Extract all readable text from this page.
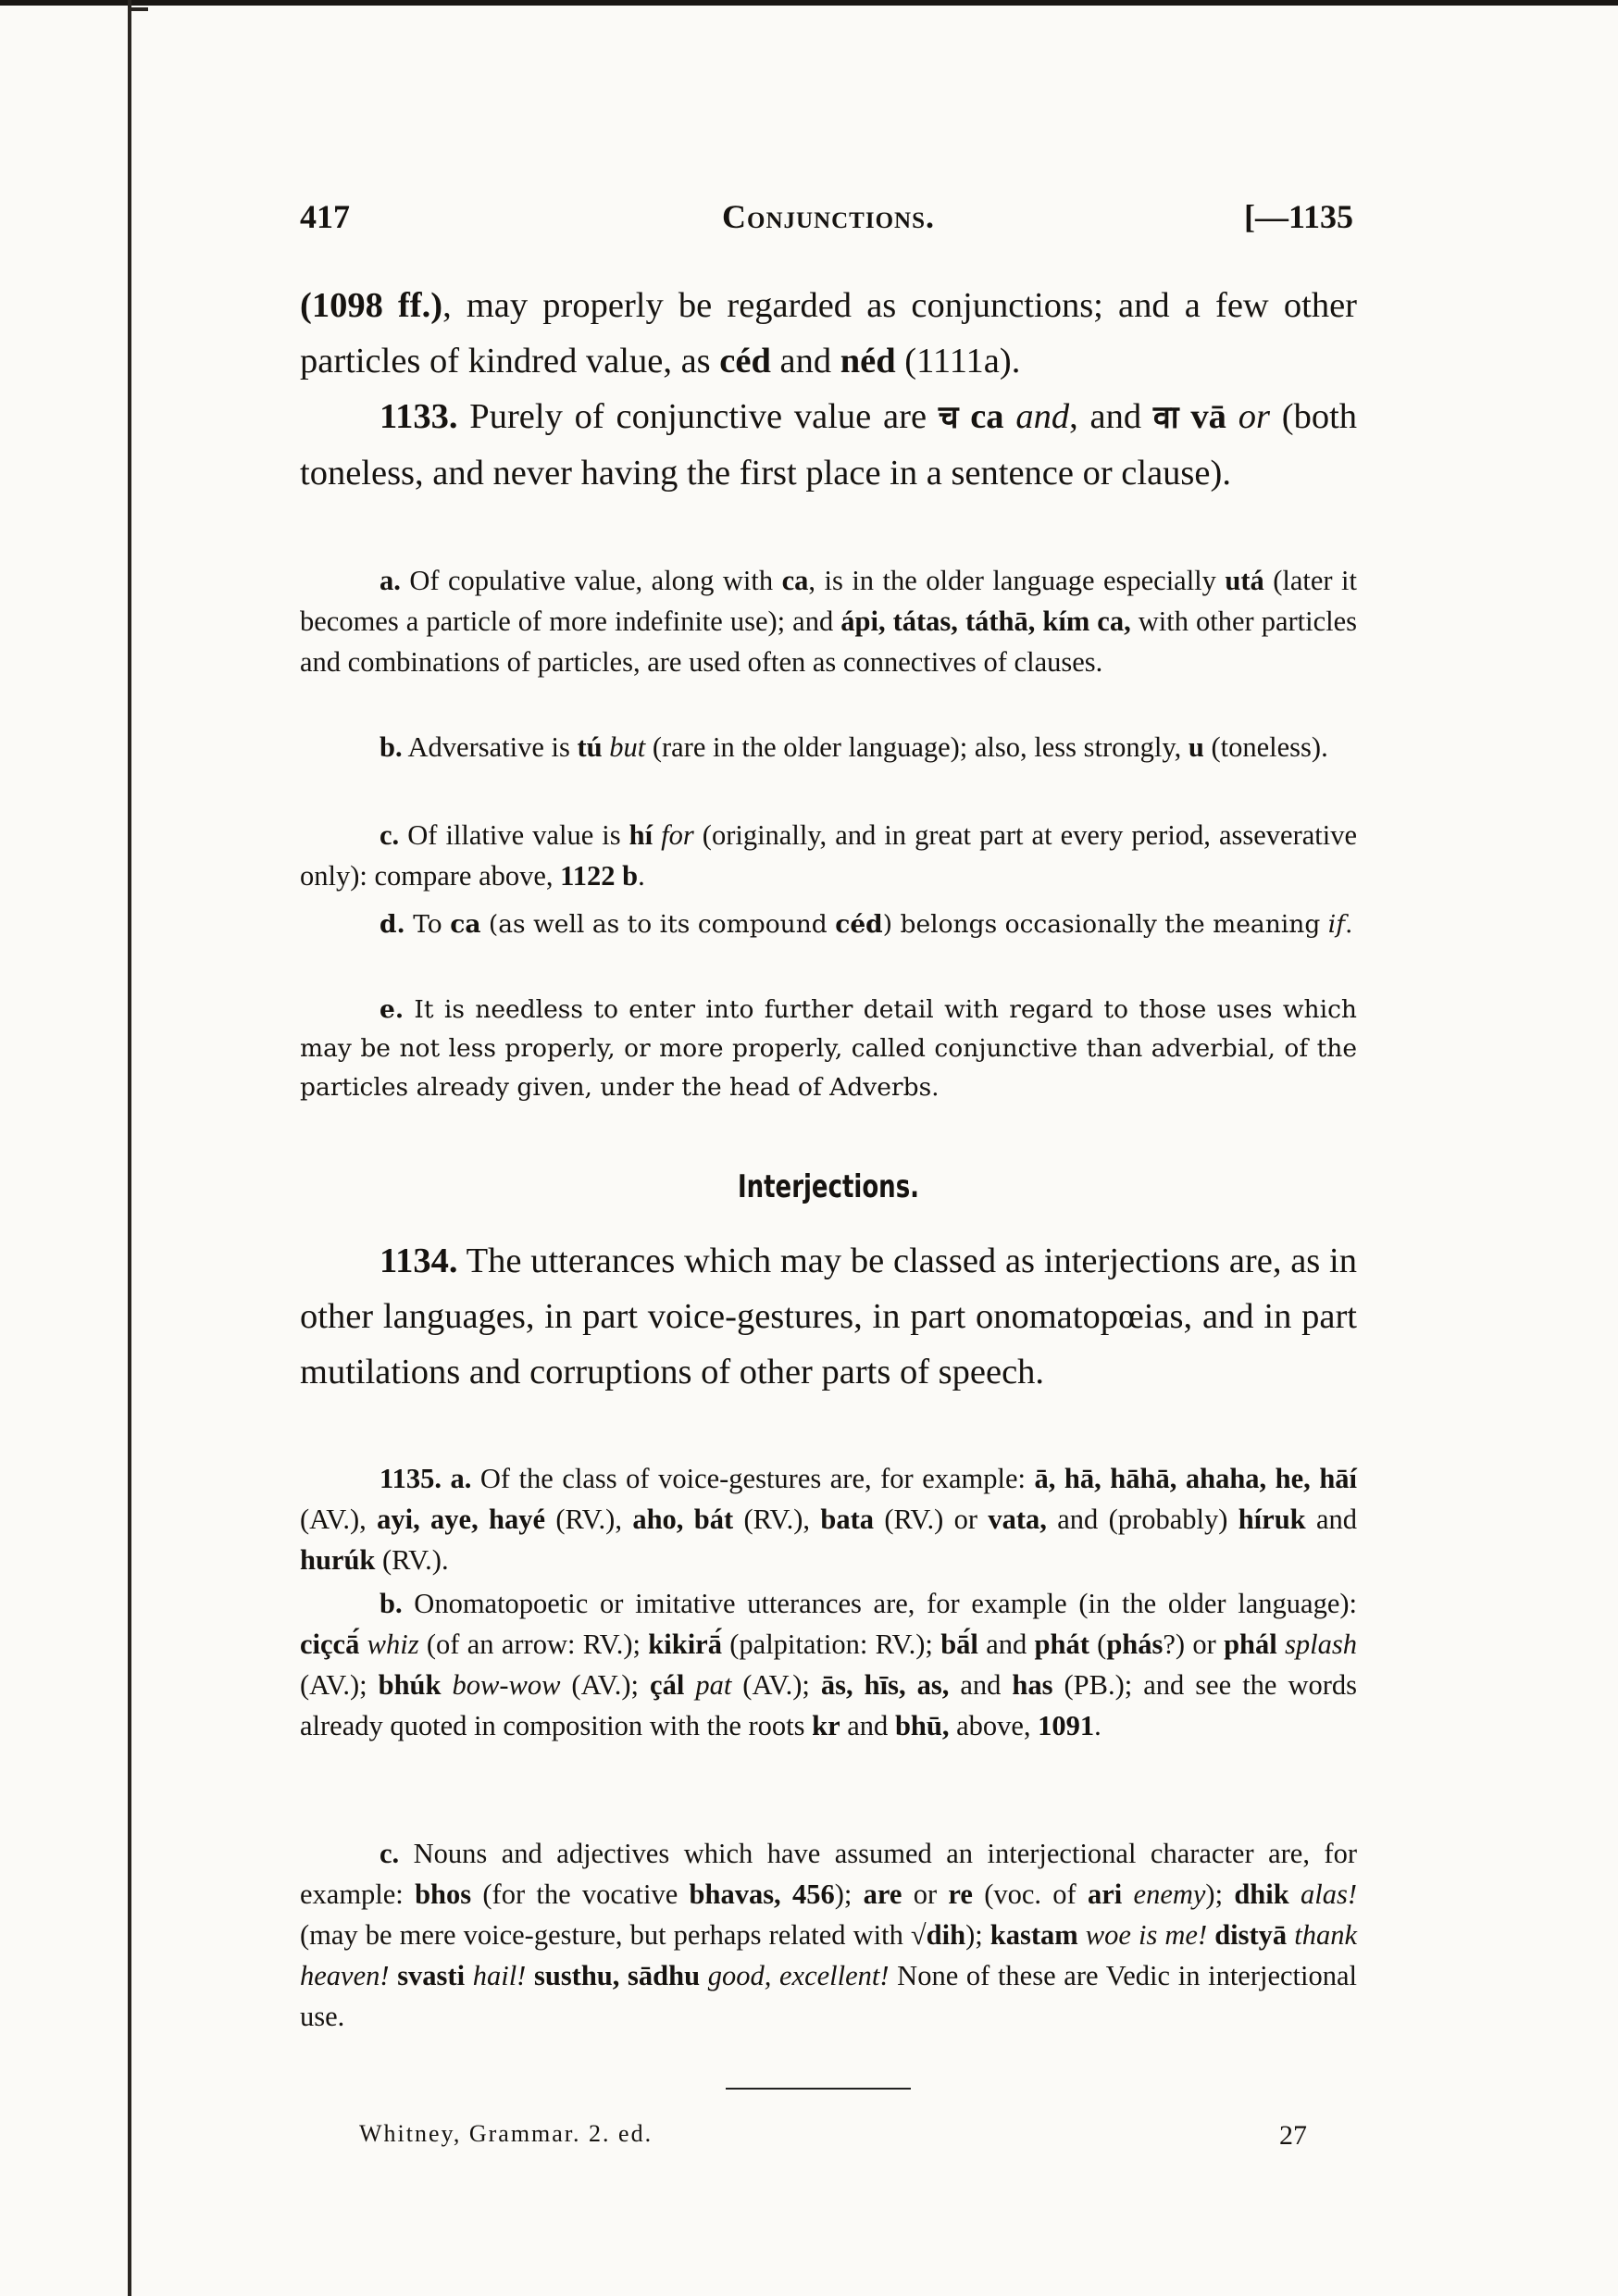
417	Conjunctions.	[—1135

(1098 ff.), may properly be regarded as conjunctions; and a few other particles of kindred value, as céd and néd (1111a).

1133. Purely of conjunctive value are च ca and, and वा vā or (both toneless, and never having the first place in a sentence or clause).

a. Of copulative value, along with ca, is in the older language especially utá (later it becomes a particle of more indefinite use); and ápi, tátas, táthā, kím ca, with other particles and combinations of particles, are used often as connectives of clauses.

b. Adversative is tú but (rare in the older language); also, less strongly, u (toneless).

c. Of illative value is hí for (originally, and in great part at every period, asseverative only): compare above, 1122 b.

d. To ca (as well as to its compound céd) belongs occasionally the meaning if.

e. It is needless to enter into further detail with regard to those uses which may be not less properly, or more properly, called conjunctive than adverbial, of the particles already given, under the head of Adverbs.

Interjections.

1134. The utterances which may be classed as interjections are, as in other languages, in part voice-gestures, in part onomatopœias, and in part mutilations and corruptions of other parts of speech.

1135. a. Of the class of voice-gestures are, for example: ā, hā, hāhā, ahaha, he, hāí (AV.), ayi, aye, hayé (RV.), aho, bát (RV.), bata (RV.) or vata, and (probably) híruk and hurúk (RV.).

b. Onomatopoetic or imitative utterances are, for example (in the older language): ciçcā́ whiz (of an arrow: RV.); kikirā́ (palpitation: RV.); bā́l and phát (phás?) or phál splash (AV.); bhúk bow-wow (AV.); çál pat (AV.); ās, hīs, as, and has (PB.); and see the words already quoted in composition with the roots kr and bhū, above, 1091.

c. Nouns and adjectives which have assumed an interjectional character are, for example: bhos (for the vocative bhavas, 456); are or re (voc. of ari enemy); dhik alas! (may be mere voice-gesture, but perhaps related with √dih); kastam woe is me! distyā thank heaven! svasti hail! susthu, sādhu good, excellent! None of these are Vedic in interjectional use.

Whitney, Grammar. 2. ed.	27
